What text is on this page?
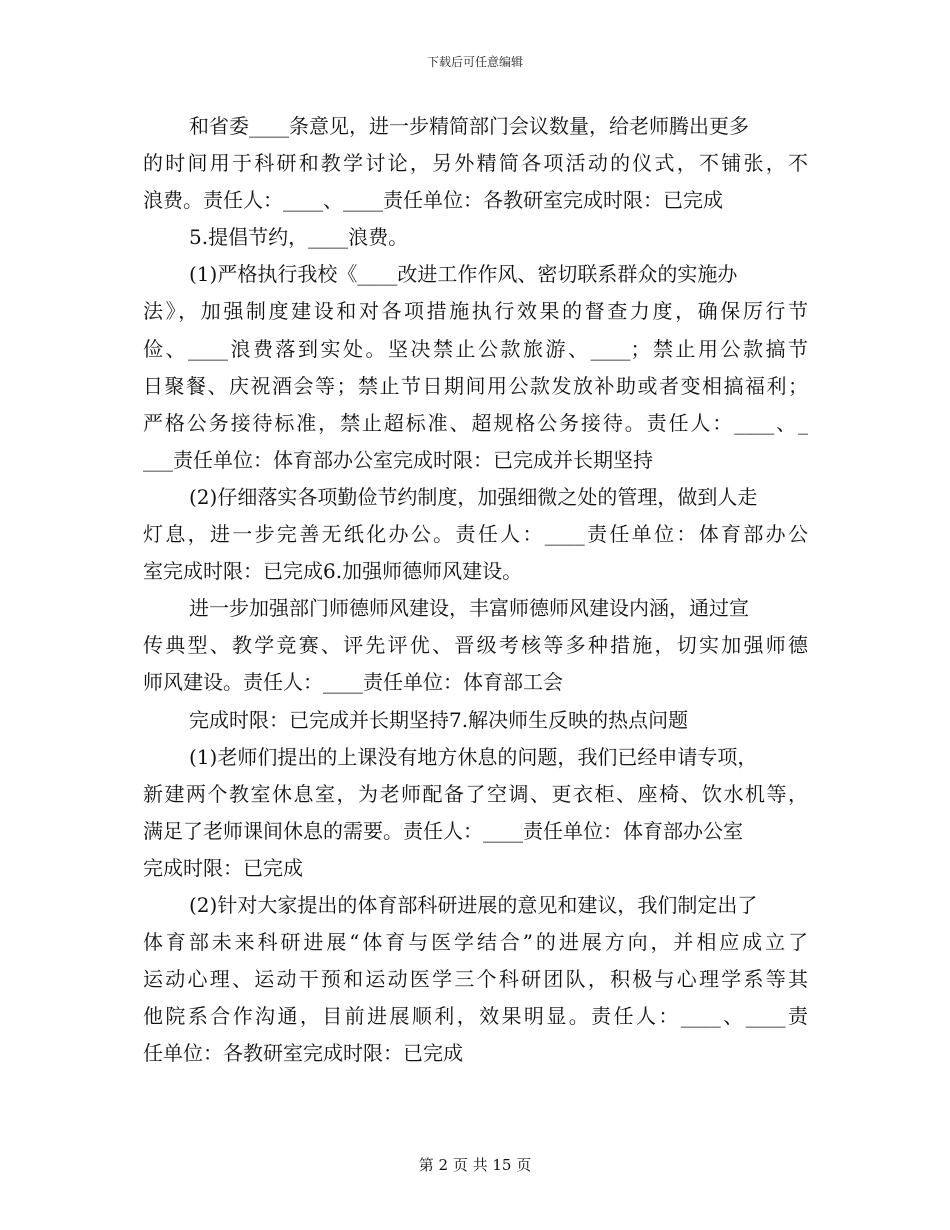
下载后可任意编辑
和省委____条意见，进一步精简部门会议数量，给老师腾出更多
的时间用于科研和教学讨论，另外精简各项活动的仪式，不铺张，不
浪费。责任人：____、____责任单位：各教研室完成时限：已完成
5.提倡节约，____浪费。
(1)严格执行我校《____改进工作作风、密切联系群众的实施办
法》，加强制度建设和对各项措施执行效果的督查力度，确保厉行节
俭、____浪费落到实处。坚决禁止公款旅游、____；禁止用公款搞节
日聚餐、庆祝酒会等；禁止节日期间用公款发放补助或者变相搞福利；
严格公务接待标准，禁止超标准、超规格公务接待。责任人：____、_
___责任单位：体育部办公室完成时限：已完成并长期坚持
(2)仔细落实各项勤俭节约制度，加强细微之处的管理，做到人走
灯息，进一步完善无纸化办公。责任人：____责任单位：体育部办公
室完成时限：已完成6.加强师德师风建设。
进一步加强部门师德师风建设，丰富师德师风建设内涵，通过宣
传典型、教学竞赛、评先评优、晋级考核等多种措施，切实加强师德
师风建设。责任人：____责任单位：体育部工会
完成时限：已完成并长期坚持7.解决师生反映的热点问题
(1)老师们提出的上课没有地方休息的问题，我们已经申请专项，
新建两个教室休息室，为老师配备了空调、更衣柜、座椅、饮水机等，
满足了老师课间休息的需要。责任人：____责任单位：体育部办公室
完成时限：已完成
(2)针对大家提出的体育部科研进展的意见和建议，我们制定出了
体育部未来科研进展“体育与医学结合”的进展方向，并相应成立了
运动心理、运动干预和运动医学三个科研团队，积极与心理学系等其
他院系合作沟通，目前进展顺利，效果明显。责任人：____、____责
任单位：各教研室完成时限：已完成
第 2 页 共 15 页
